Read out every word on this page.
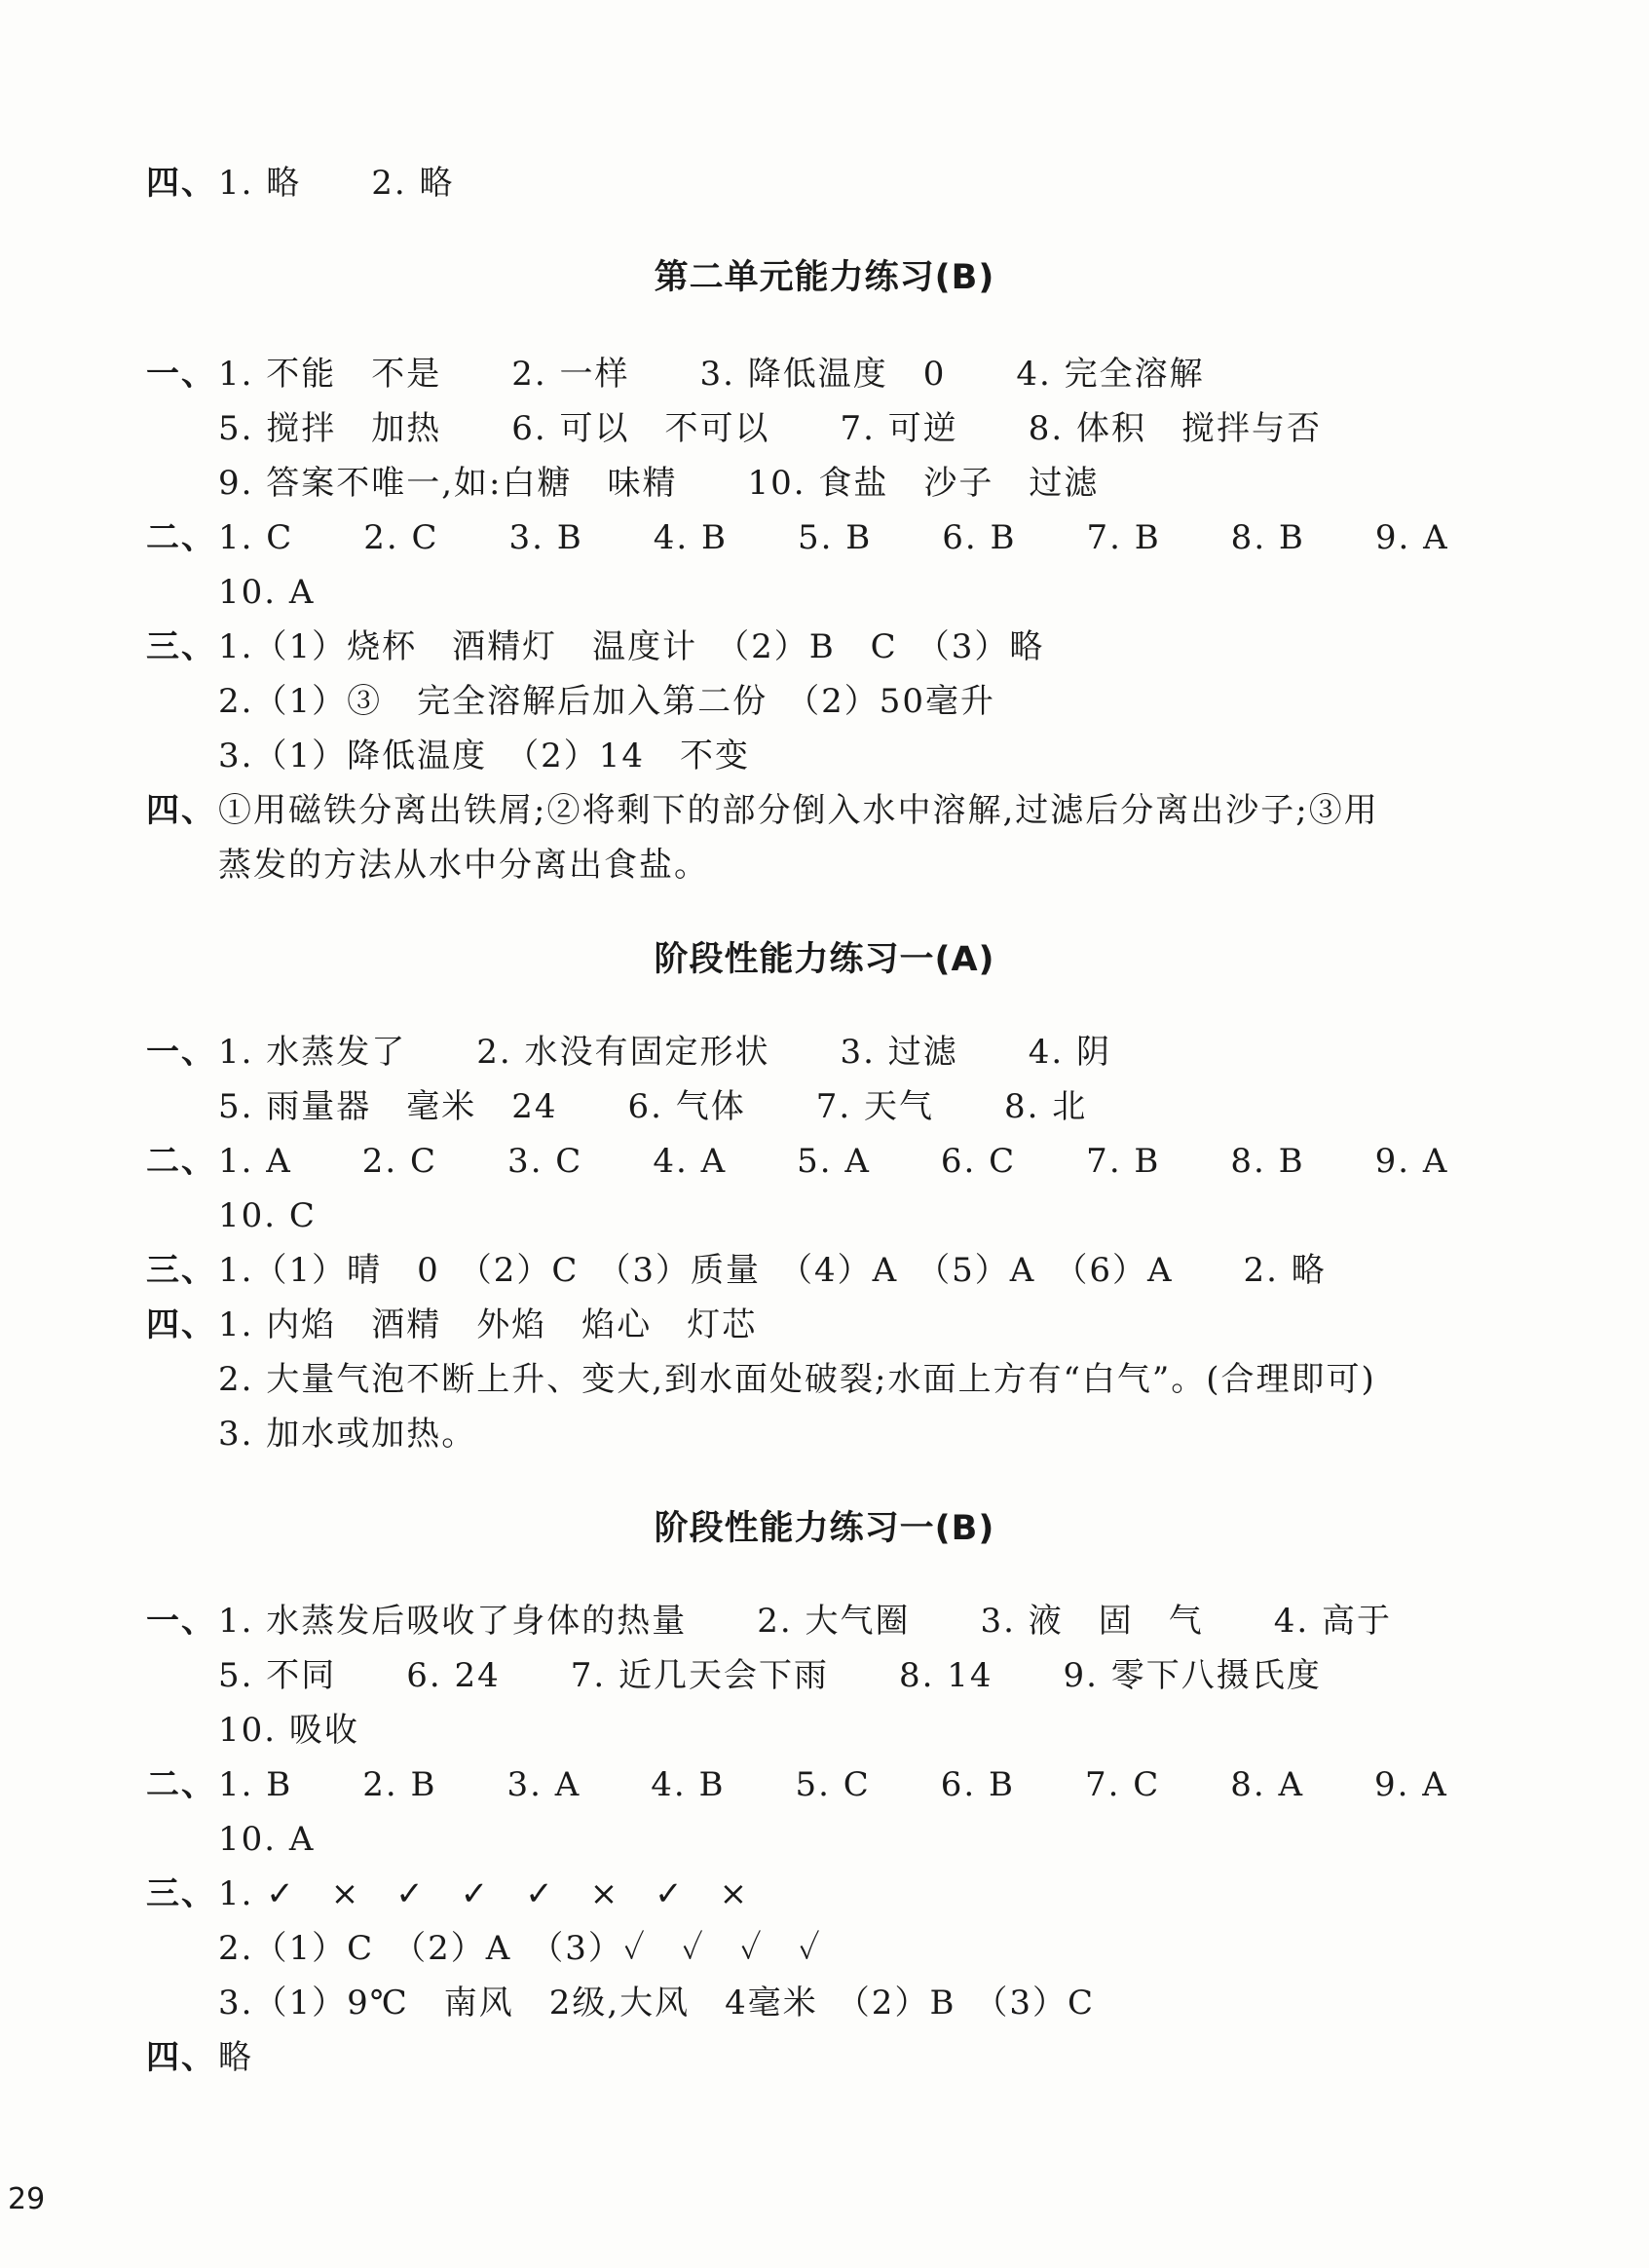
四、

1. 略　　2. 略

第二单元能力练习(B)

一、

1. 不能　不是　　2. 一样　　3. 降低温度　0　　4. 完全溶解

5. 搅拌　加热　　6. 可以　不可以　　7. 可逆　　8. 体积　搅拌与否

9. 答案不唯一,如:白糖　味精　　10. 食盐　沙子　过滤

二、

1. C　　2. C　　3. B　　4. B　　5. B　　6. B　　7. B　　8. B　　9. A

10. A

三、

1.（1）烧杯　酒精灯　温度计　（2）B　C　（3）略

2.（1）③　完全溶解后加入第二份　（2）50毫升

3.（1）降低温度　（2）14　不变

四、

①用磁铁分离出铁屑;②将剩下的部分倒入水中溶解,过滤后分离出沙子;③用

蒸发的方法从水中分离出食盐。

阶段性能力练习一(A)

一、

1. 水蒸发了　　2. 水没有固定形状　　3. 过滤　　4. 阴

5. 雨量器　毫米　24　　6. 气体　　7. 天气　　8. 北

二、

1. A　　2. C　　3. C　　4. A　　5. A　　6. C　　7. B　　8. B　　9. A

10. C

三、

1.（1）晴　0　（2）C　（3）质量　（4）A　（5）A　（6）A　　2. 略

四、

1. 内焰　酒精　外焰　焰心　灯芯

2. 大量气泡不断上升、变大,到水面处破裂;水面上方有“白气”。(合理即可)

3. 加水或加热。

阶段性能力练习一(B)

一、

1. 水蒸发后吸收了身体的热量　　2. 大气圈　　3. 液　固　气　　4. 高于

5. 不同　　6. 24　　7. 近几天会下雨　　8. 14　　9. 零下八摄氏度

10. 吸收

二、

1. B　　2. B　　3. A　　4. B　　5. C　　6. B　　7. C　　8. A　　9. A

10. A

三、

1. ✓　×　✓　✓　✓　×　✓　×

2.（1）C　（2）A　（3）✓　✓　✓　✓

3.（1）9℃　南风　2级,大风　4毫米　（2）B　（3）C

四、

略

29
